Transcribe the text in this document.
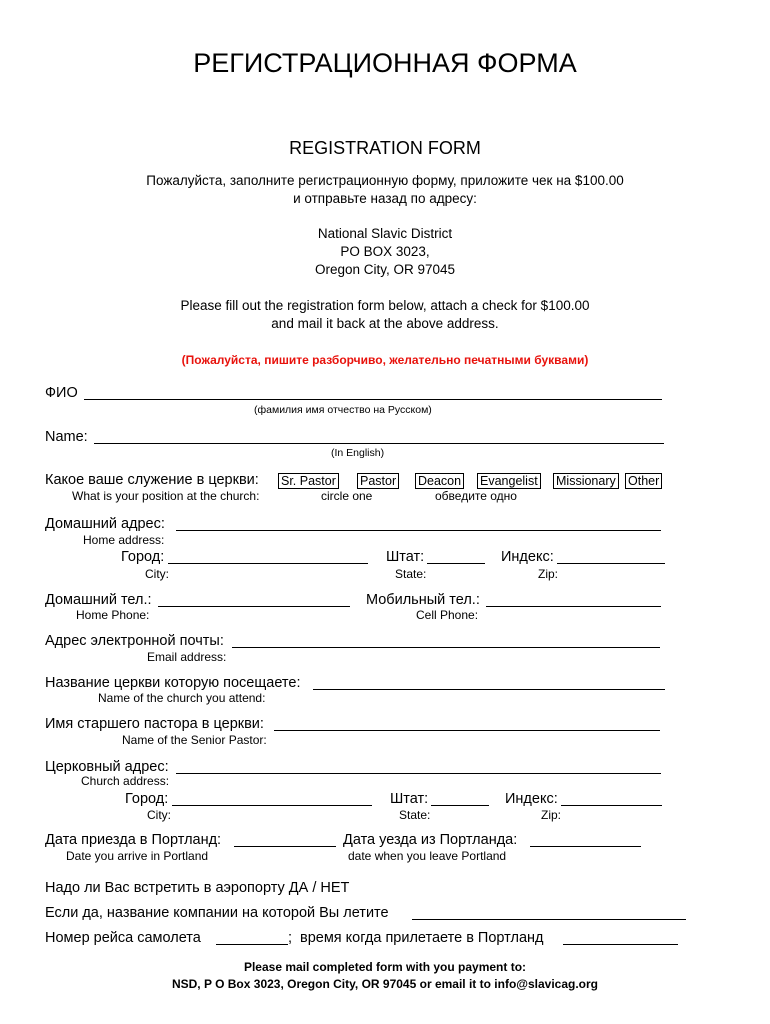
РЕГИСТРАЦИОННАЯ ФОРМА
REGISTRATION FORM
Пожалуйста, заполните регистрационную форму, приложите чек на $100.00
и отправьте назад по адресу:
National Slavic District
PO BOX 3023,
Oregon City, OR 97045
Please fill out the registration form below, attach a check for $100.00
and mail it back at the above address.
(Пожалуйста, пишите разборчиво, желательно печатными буквами)
ФИО
(фамилия имя отчество на Русском)
Name:
(In English)
Какое ваше служение в церкви: Sr. Pastor Pastor Deacon Evangelist Missionary Other
What is your position at the church:	circle one	обведите одно
Домашний адрес:
Home address:
Город:
City:
Штат:
State:
Индекс:
Zip:
Домашний тел.:
Home Phone:
Мобильный тел.:
Cell Phone:
Адрес электронной почты:
Email address:
Название церкви которую посещаете:
Name of the church you attend:
Имя старшего пастора в церкви:
Name of the Senior Pastor:
Церковный адрес:
Church address:
Город:
City:
Штат:
State:
Индекс:
Zip:
Дата приезда в Портланд:
Date you arrive in Portland
Дата уезда из Портланда:
date when you leave Portland
Надо ли Вас встретить в аэропорту ДА / НЕТ
Если да, название компании на которой Вы летите
Номер рейса самолета	; время когда прилетаете в Портланд
Please mail completed form with you payment to:
NSD, P O Box 3023, Oregon City, OR 97045 or email it to info@slavicag.org
